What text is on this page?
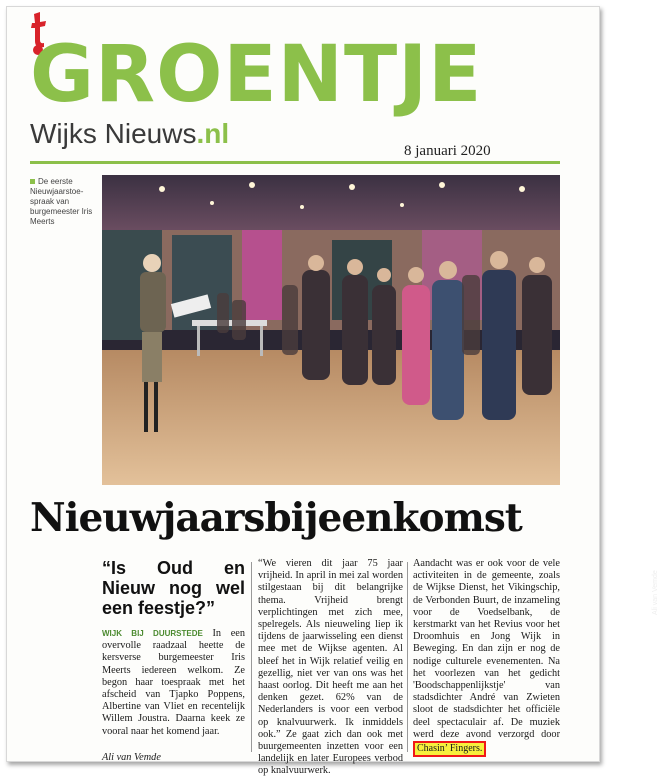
GROENTJE
Wijks Nieuws.nl
8 januari 2020
De eerste Nieuwjaarstoe-spraak van burgemeester Iris Meerts
Ali van Vemde
Nieuwjaarsbijeenkomst
“Is Oud en Nieuw nog wel een feestje?”
WIJK BIJ DUURSTEDE In een overvolle raadzaal heette de kersverse burgemeester Iris Meerts iedereen welkom. Ze begon haar toespraak met het afscheid van Tjapko Poppens, Albertine van Vliet en recentelijk Willem Joustra. Daarna keek ze vooral naar het komend jaar.
Ali van Vemde
“We vieren dit jaar 75 jaar vrijheid. In april in mei zal worden stilgestaan bij dit belangrijke thema. Vrijheid brengt verplichtingen met zich mee, spelregels. Als nieuweling liep ik tijdens de jaarwisseling een dienst mee met de Wijkse agenten. Al bleef het in Wijk relatief veilig en gezellig, niet ver van ons was het haast oorlog. Dit heeft me aan het denken gezet. 62% van de Nederlanders is voor een verbod op knalvuurwerk. Ik inmiddels ook.” Ze gaat zich dan ook met buurgemeenten inzetten voor een landelijk en later Europees verbod op knalvuurwerk.
Aandacht was er ook voor de vele activiteiten in de gemeente, zoals de Wijkse Dienst, het Vikingschip, de Verbonden Buurt, de inzameling voor de Voedselbank, de kerstmarkt van het Revius voor het Droomhuis en Jong Wijk in Beweging. En dan zijn er nog de nodige culturele evenementen. Na het voorlezen van het gedicht 'Boodschappenlijkstje' van stadsdichter André van Zwieten sloot de stadsdichter het officiële deel spectaculair af. De muziek werd deze avond verzorgd door Chasin’ Fingers.
